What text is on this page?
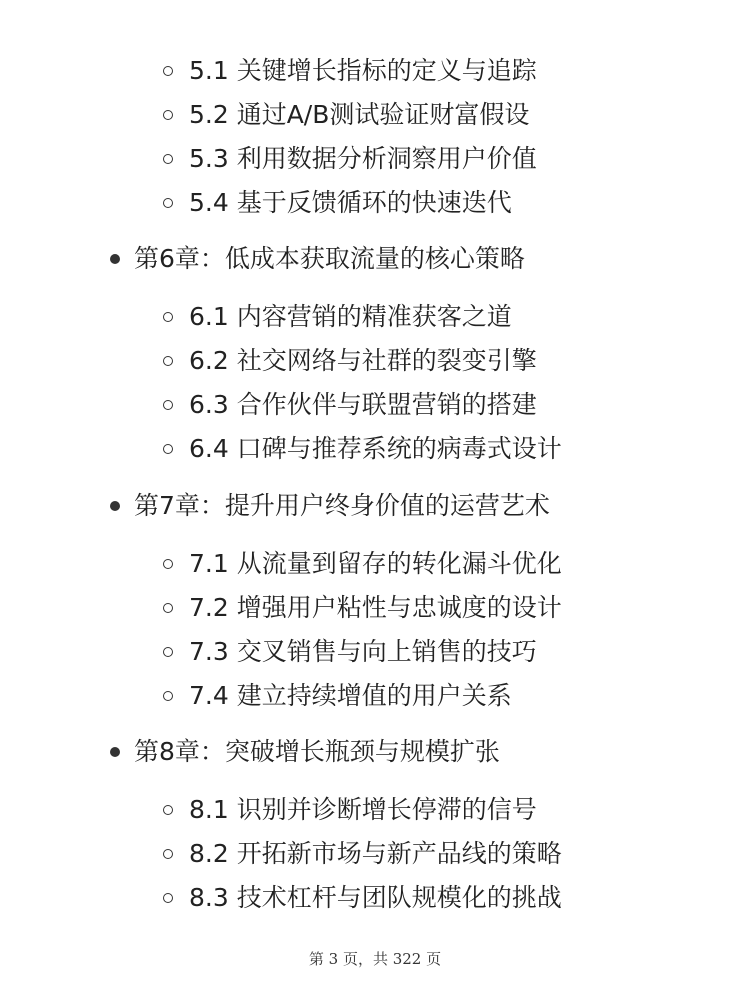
5.1 关键增长指标的定义与追踪
5.2 通过A/B测试验证财富假设
5.3 利用数据分析洞察用户价值
5.4 基于反馈循环的快速迭代
第6章：低成本获取流量的核心策略
6.1 内容营销的精准获客之道
6.2 社交网络与社群的裂变引擎
6.3 合作伙伴与联盟营销的搭建
6.4 口碑与推荐系统的病毒式设计
第7章：提升用户终身价值的运营艺术
7.1 从流量到留存的转化漏斗优化
7.2 增强用户粘性与忠诚度的设计
7.3 交叉销售与向上销售的技巧
7.4 建立持续增值的用户关系
第8章：突破增长瓶颈与规模扩张
8.1 识别并诊断增长停滞的信号
8.2 开拓新市场与新产品线的策略
8.3 技术杠杆与团队规模化的挑战
第 3 页，共 322 页
